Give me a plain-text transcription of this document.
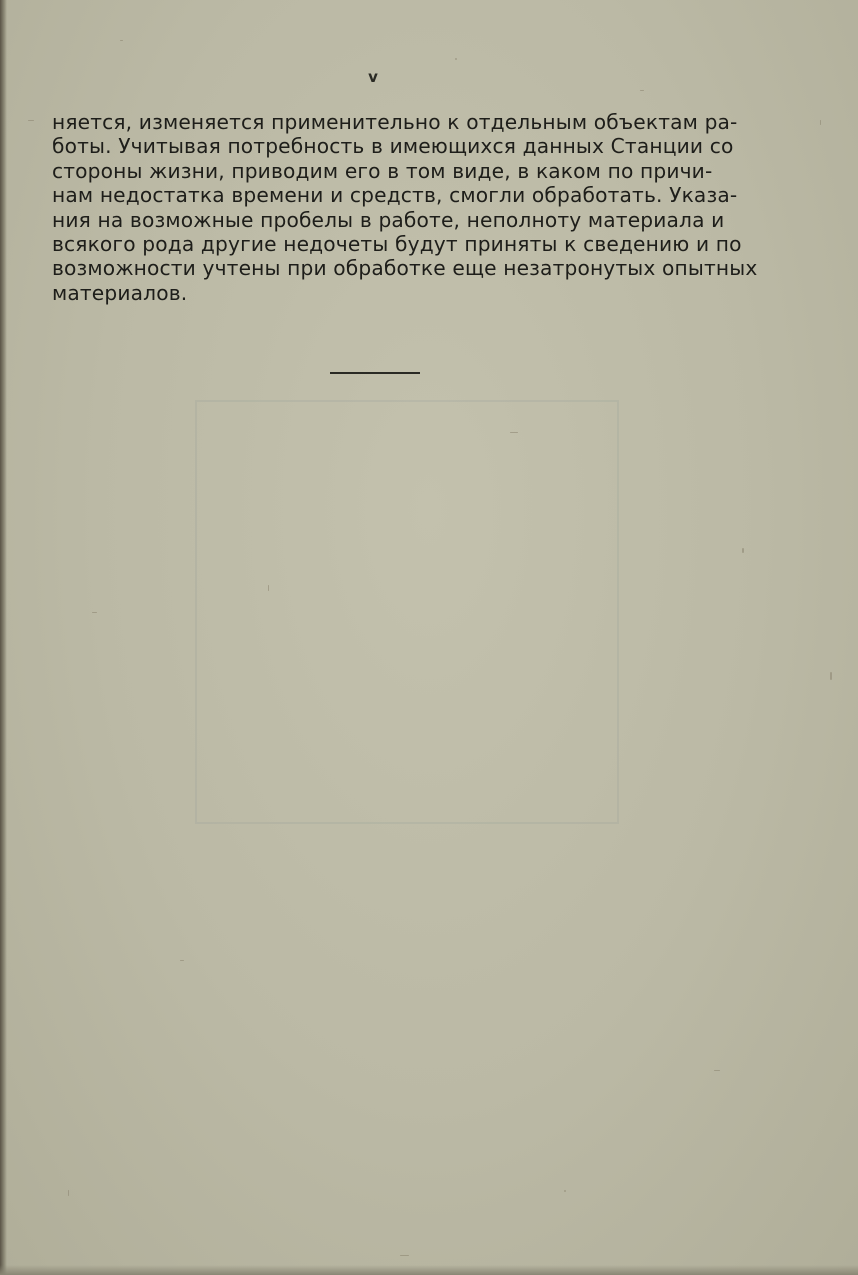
v

няется, изменяется применительно к отдельным объектам ра-
боты. Учитывая потребность в имеющихся данных Станции со
стороны жизни, приводим его в том виде, в каком по причи-
нам недостатка времени и средств, смогли обработать. Указа-
ния на возможные пробелы в работе, неполноту материала и
всякого рода другие недочеты будут приняты к сведению и по
возможности учтены при обработке еще незатронутых опытных
материалов.
